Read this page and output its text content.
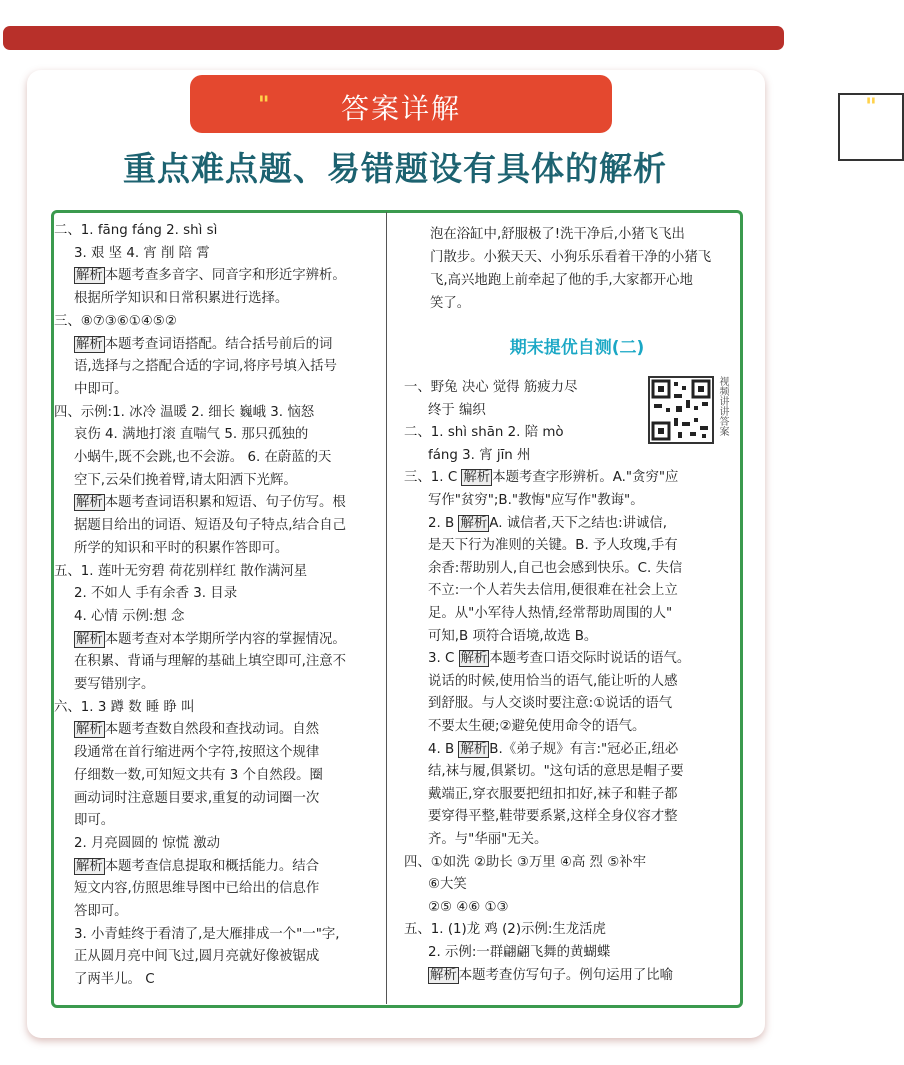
"	答案详解	"
重点难点题、易错题设有具体的解析
二、1. fāng fáng 2. shì sì
3. 艰 坚 4. 宵 削 陪 霄
解析 本题考查多音字、同音字和形近字辨析。
根据所学知识和日常积累进行选择。
三、⑧⑦③⑥①④⑤②
解析 本题考查词语搭配。结合括号前后的词
语,选择与之搭配合适的字词,将序号填入括号
中即可。
四、示例:1. 冰冷 温暖 2. 细长 巍峨 3. 恼怒
哀伤 4. 满地打滚 直喘气 5. 那只孤独的
小蜗牛,既不会跳,也不会游。 6. 在蔚蓝的天
空下,云朵们挽着臂,请太阳洒下光辉。
解析 本题考查词语积累和短语、句子仿写。根
据题目给出的词语、短语及句子特点,结合自己
所学的知识和平时的积累作答即可。
五、1. 莲叶无穷碧 荷花别样红 散作满河星
2. 不如人 手有余香 3. 目录
4. 心情 示例:想 念
解析 本题考查对本学期所学内容的掌握情况。
在积累、背诵与理解的基础上填空即可,注意不
要写错别字。
六、1. 3 蹲 数 睡 睁 叫
解析 本题考查数自然段和查找动词。自然
段通常在首行缩进两个字符,按照这个规律
仔细数一数,可知短文共有 3 个自然段。圈
画动词时注意题目要求,重复的动词圈一次
即可。
2. 月亮圆圆的 惊慌 激动
解析 本题考查信息提取和概括能力。结合
短文内容,仿照思维导图中已给出的信息作
答即可。
3. 小青蛙终于看清了,是大雁排成一个"一"字,
正从圆月亮中间飞过,圆月亮就好像被锯成
了两半儿。 C
泡在浴缸中,舒服极了!洗干净后,小猪飞飞出
门散步。小猴天天、小狗乐乐看着干净的小猪飞
飞,高兴地跑上前牵起了他的手,大家都开心地
笑了。
一、野兔 决心 觉得 筋疲力尽
终于 编织
二、1. shì shān 2. 陪 mò
fáng 3. 宵 jīn 州
三、1. C 解析 本题考查字形辨析。A."贪穷"应
写作"贫穷";B."教悔"应写作"教诲"。
2. B 解析 A. 诚信者,天下之结也:讲诚信,
是天下行为准则的关键。B. 予人玫瑰,手有
余香:帮助别人,自己也会感到快乐。C. 失信
不立:一个人若失去信用,便很难在社会上立
足。从"小军待人热情,经常帮助周围的人"
可知,B 项符合语境,故选 B。
3. C 解析 本题考查口语交际时说话的语气。
说话的时候,使用恰当的语气,能让听的人感
到舒服。与人交谈时要注意:①说话的语气
不要太生硬;②避免使用命令的语气。
4. B 解析 B.《弟子规》有言:"冠必正,纽必
结,袜与履,俱紧切。"这句话的意思是帽子要
戴端正,穿衣服要把纽扣扣好,袜子和鞋子都
要穿得平整,鞋带要系紧,这样全身仪容才整
齐。与"华丽"无关。
四、①如洗 ②助长 ③万里 ④高 烈 ⑤补牢
⑥大笑
②⑤ ④⑥ ①③
五、1. (1)龙 鸡 (2)示例:生龙活虎
2. 示例:一群翩翩飞舞的黄蝴蝶
解析 本题考查仿写句子。例句运用了比喻
期末提优自测(二)
视频讲讲答案
